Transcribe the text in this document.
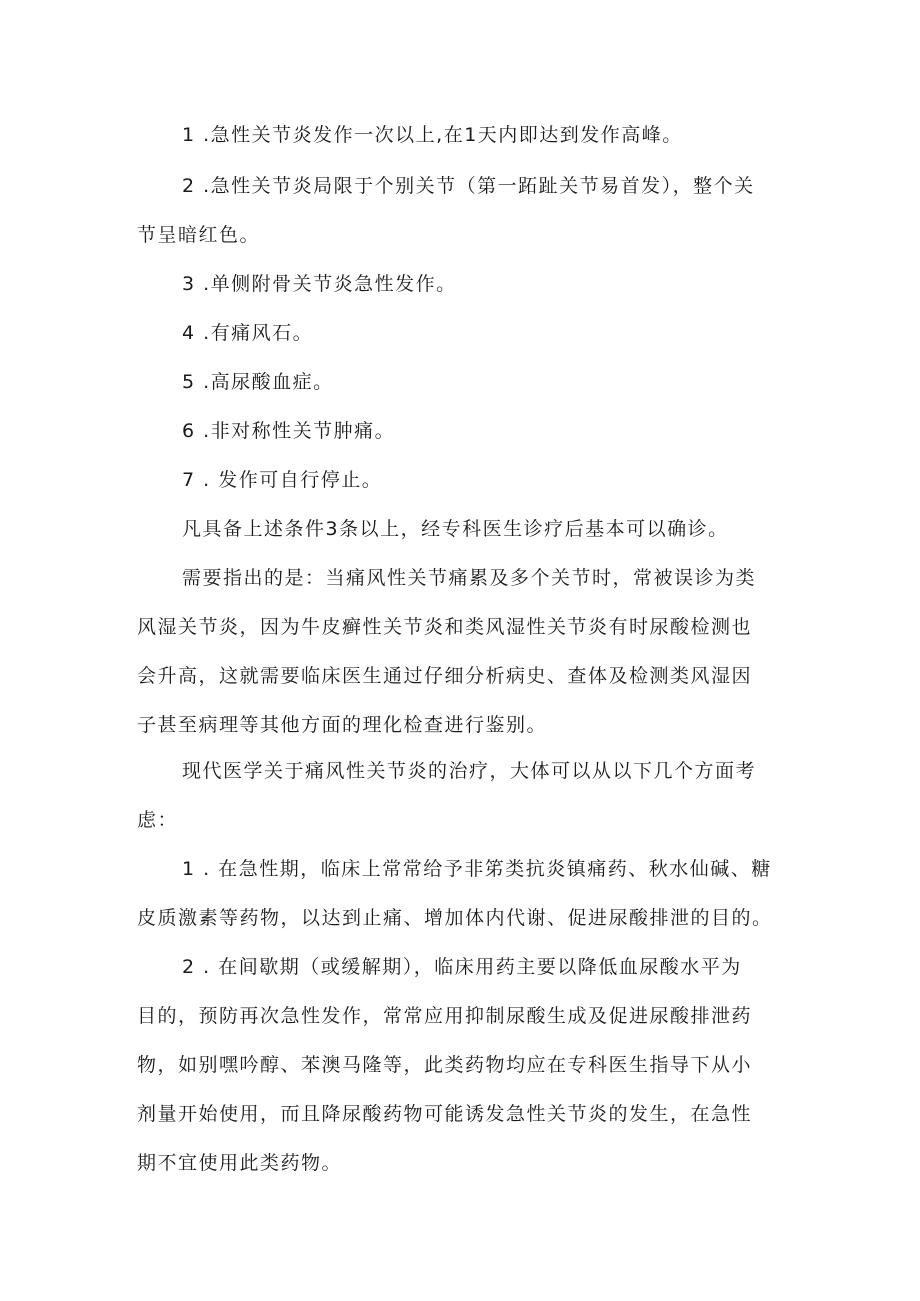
1 .急性关节炎发作一次以上,在1天内即达到发作高峰。
2 .急性关节炎局限于个别关节（第一跖趾关节易首发），整个关
节呈暗红色。
3 .单侧附骨关节炎急性发作。
4 .有痛风石。
5 .高尿酸血症。
6 .非对称性关节肿痛。
7 . 发作可自行停止。
凡具备上述条件3条以上，经专科医生诊疗后基本可以确诊。
需要指出的是：当痛风性关节痛累及多个关节时，常被误诊为类
风湿关节炎，因为牛皮癣性关节炎和类风湿性关节炎有时尿酸检测也
会升高，这就需要临床医生通过仔细分析病史、查体及检测类风湿因
子甚至病理等其他方面的理化检查进行鉴别。
现代医学关于痛风性关节炎的治疗，大体可以从以下几个方面考
虑：
1 . 在急性期，临床上常常给予非笫类抗炎镇痛药、秋水仙碱、糖
皮质激素等药物，以达到止痛、增加体内代谢、促进尿酸排泄的目的。
2 . 在间歇期（或缓解期），临床用药主要以降低血尿酸水平为
目的，预防再次急性发作，常常应用抑制尿酸生成及促进尿酸排泄药
物，如别嘿吟醇、苯澳马隆等，此类药物均应在专科医生指导下从小
剂量开始使用，而且降尿酸药物可能诱发急性关节炎的发生，在急性
期不宜使用此类药物。
